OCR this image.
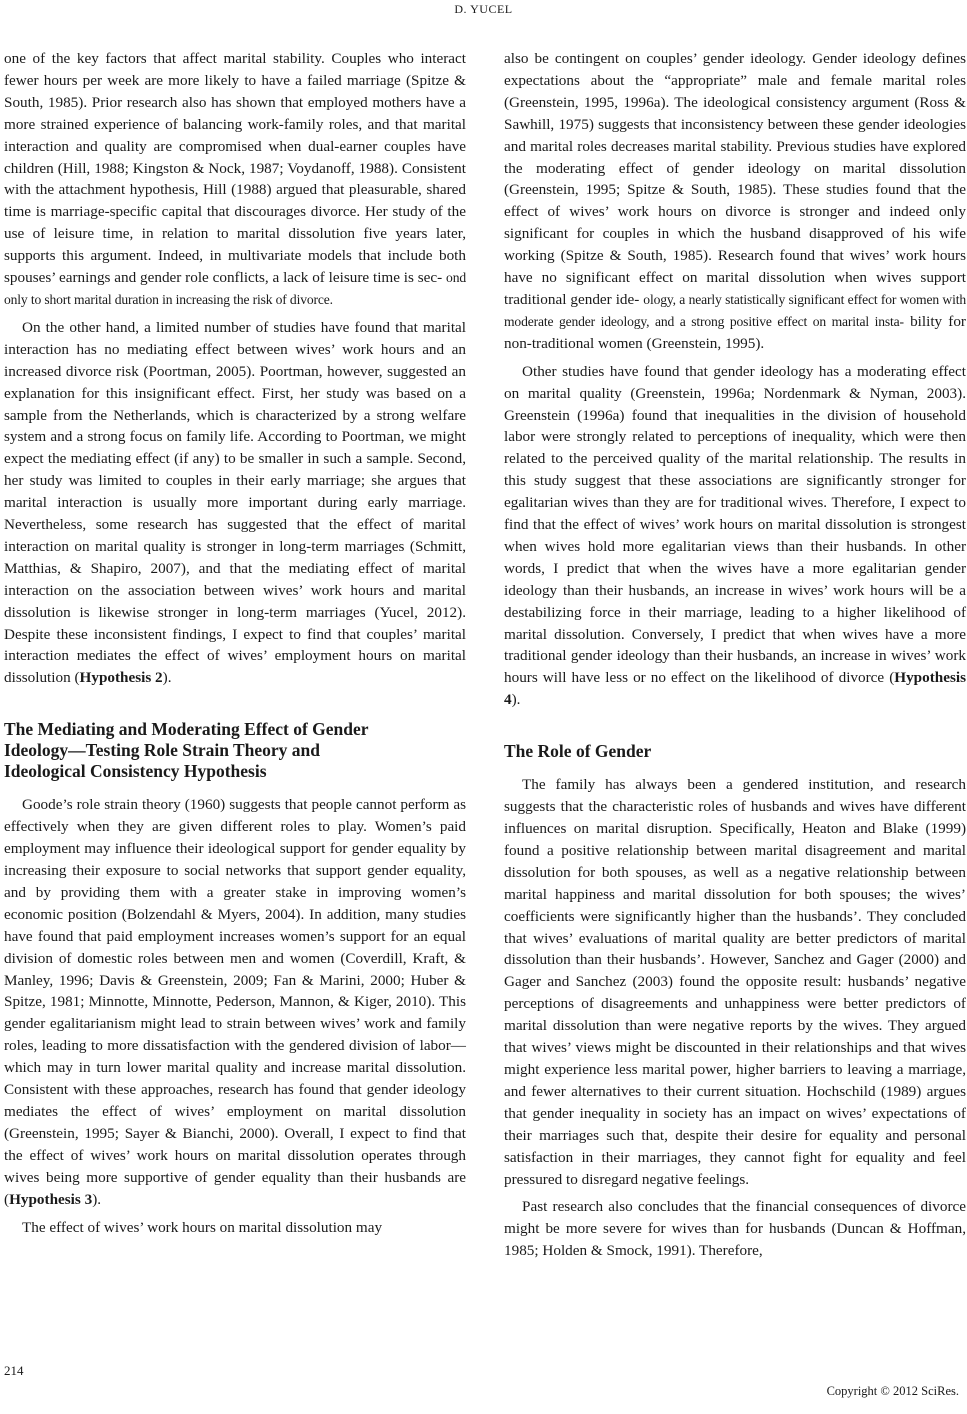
D. YUCEL

one of the key factors that affect marital stability. Couples who interact fewer hours per week are more likely to have a failed marriage (Spitze & South, 1985). Prior research also has shown that employed mothers have a more strained experience of balancing work-family roles, and that marital interaction and quality are compromised when dual-earner couples have children (Hill, 1988; Kingston & Nock, 1987; Voydanoff, 1988). Consistent with the attachment hypothesis, Hill (1988) argued that pleasurable, shared time is marriage-specific capital that discourages divorce. Her study of the use of leisure time, in relation to marital dissolution five years later, supports this argument. Indeed, in multivariate models that include both spouses’ earnings and gender role conflicts, a lack of leisure time is sec- ond only to short marital duration in increasing the risk of divorce.

On the other hand, a limited number of studies have found that marital interaction has no mediating effect between wives’ work hours and an increased divorce risk (Poortman, 2005). Poortman, however, suggested an explanation for this insignificant effect. First, her study was based on a sample from the Netherlands, which is characterized by a strong welfare system and a strong focus on family life. According to Poortman, we might expect the mediating effect (if any) to be smaller in such a sample. Second, her study was limited to couples in their early marriage; she argues that marital interaction is usually more important during early marriage. Nevertheless, some research has suggested that the effect of marital interaction on marital quality is stronger in long-term marriages (Schmitt, Matthias, & Shapiro, 2007), and that the mediating effect of marital interaction on the association between wives’ work hours and marital dissolution is likewise stronger in long-term marriages (Yucel, 2012). Despite these inconsistent findings, I expect to find that couples’ marital interaction mediates the effect of wives’ employment hours on marital dissolution (Hypothesis 2).

The Mediating and Moderating Effect of Gender
Ideology—Testing Role Strain Theory and
Ideological Consistency Hypothesis

Goode’s role strain theory (1960) suggests that people cannot perform as effectively when they are given different roles to play. Women’s paid employment may influence their ideological support for gender equality by increasing their exposure to social networks that support gender equality, and by providing them with a greater stake in improving women’s economic position (Bolzendahl & Myers, 2004). In addition, many studies have found that paid employment increases women’s support for an equal division of domestic roles between men and women (Coverdill, Kraft, & Manley, 1996; Davis & Greenstein, 2009; Fan & Marini, 2000; Huber & Spitze, 1981; Minnotte, Minnotte, Pederson, Mannon, & Kiger, 2010). This gender egalitarianism might lead to strain between wives’ work and family roles, leading to more dissatisfaction with the gendered division of labor—which may in turn lower marital quality and increase marital dissolution. Consistent with these approaches, research has found that gender ideology mediates the effect of wives’ employment on marital dissolution (Greenstein, 1995; Sayer & Bianchi, 2000). Overall, I expect to find that the effect of wives’ work hours on marital dissolution operates through wives being more supportive of gender equality than their husbands are (Hypothesis 3).

The effect of wives’ work hours on marital dissolution may

also be contingent on couples’ gender ideology. Gender ideology defines expectations about the “appropriate” male and female marital roles (Greenstein, 1995, 1996a). The ideological consistency argument (Ross & Sawhill, 1975) suggests that inconsistency between these gender ideologies and marital roles decreases marital stability. Previous studies have explored the moderating effect of gender ideology on marital dissolution (Greenstein, 1995; Spitze & South, 1985). These studies found that the effect of wives’ work hours on divorce is stronger and indeed only significant for couples in which the husband disapproved of his wife working (Spitze & South, 1985). Research found that wives’ work hours have no significant effect on marital dissolution when wives support traditional gender ide- ology, a nearly statistically significant effect for women with moderate gender ideology, and a strong positive effect on marital insta- bility for non-traditional women (Greenstein, 1995).

Other studies have found that gender ideology has a moderating effect on marital quality (Greenstein, 1996a; Nordenmark & Nyman, 2003). Greenstein (1996a) found that inequalities in the division of household labor were strongly related to perceptions of inequality, which were then related to the perceived quality of the marital relationship. The results in this study suggest that these associations are significantly stronger for egalitarian wives than they are for traditional wives. Therefore, I expect to find that the effect of wives’ work hours on marital dissolution is strongest when wives hold more egalitarian views than their husbands. In other words, I predict that when the wives have a more egalitarian gender ideology than their husbands, an increase in wives’ work hours will be a destabilizing force in their marriage, leading to a higher likelihood of marital dissolution. Conversely, I predict that when wives have a more traditional gender ideology than their husbands, an increase in wives’ work hours will have less or no effect on the likelihood of divorce (Hypothesis 4).

The Role of Gender

The family has always been a gendered institution, and research suggests that the characteristic roles of husbands and wives have different influences on marital disruption. Specifically, Heaton and Blake (1999) found a positive relationship between marital disagreement and marital dissolution for both spouses, as well as a negative relationship between marital happiness and marital dissolution for both spouses; the wives’ coefficients were significantly higher than the husbands’. They concluded that wives’ evaluations of marital quality are better predictors of marital dissolution than their husbands’. However, Sanchez and Gager (2000) and Gager and Sanchez (2003) found the opposite result: husbands’ negative perceptions of disagreements and unhappiness were better predictors of marital dissolution than were negative reports by the wives. They argued that wives’ views might be discounted in their relationships and that wives might experience less marital power, higher barriers to leaving a marriage, and fewer alternatives to their current situation. Hochschild (1989) argues that gender inequality in society has an impact on wives’ expectations of their marriages such that, despite their desire for equality and personal satisfaction in their marriages, they cannot fight for equality and feel pressured to disregard negative feelings.

Past research also concludes that the financial consequences of divorce might be more severe for wives than for husbands (Duncan & Hoffman, 1985; Holden & Smock, 1991). Therefore,

214
Copyright © 2012 SciRes.
